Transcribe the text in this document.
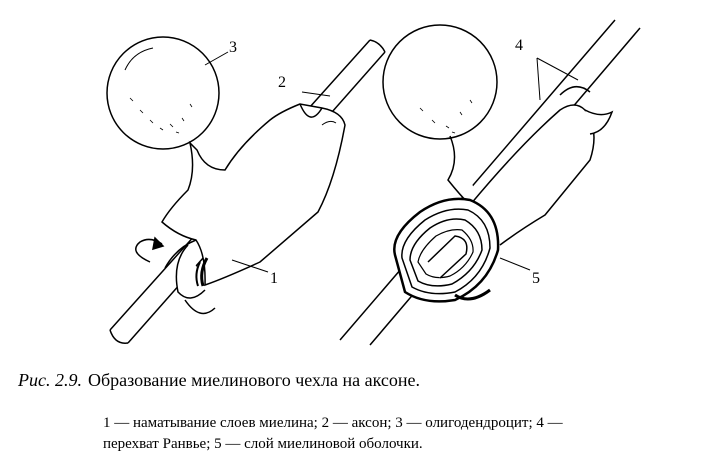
1
2
3	4
5
Рис. 2.9. Образование миелинового чехла на аксоне.
1 — наматывание слоев миелина; 2 — аксон; 3 — олигодендроцит; 4 —
перехват Ранвье; 5 — слой миелиновой оболочки.
